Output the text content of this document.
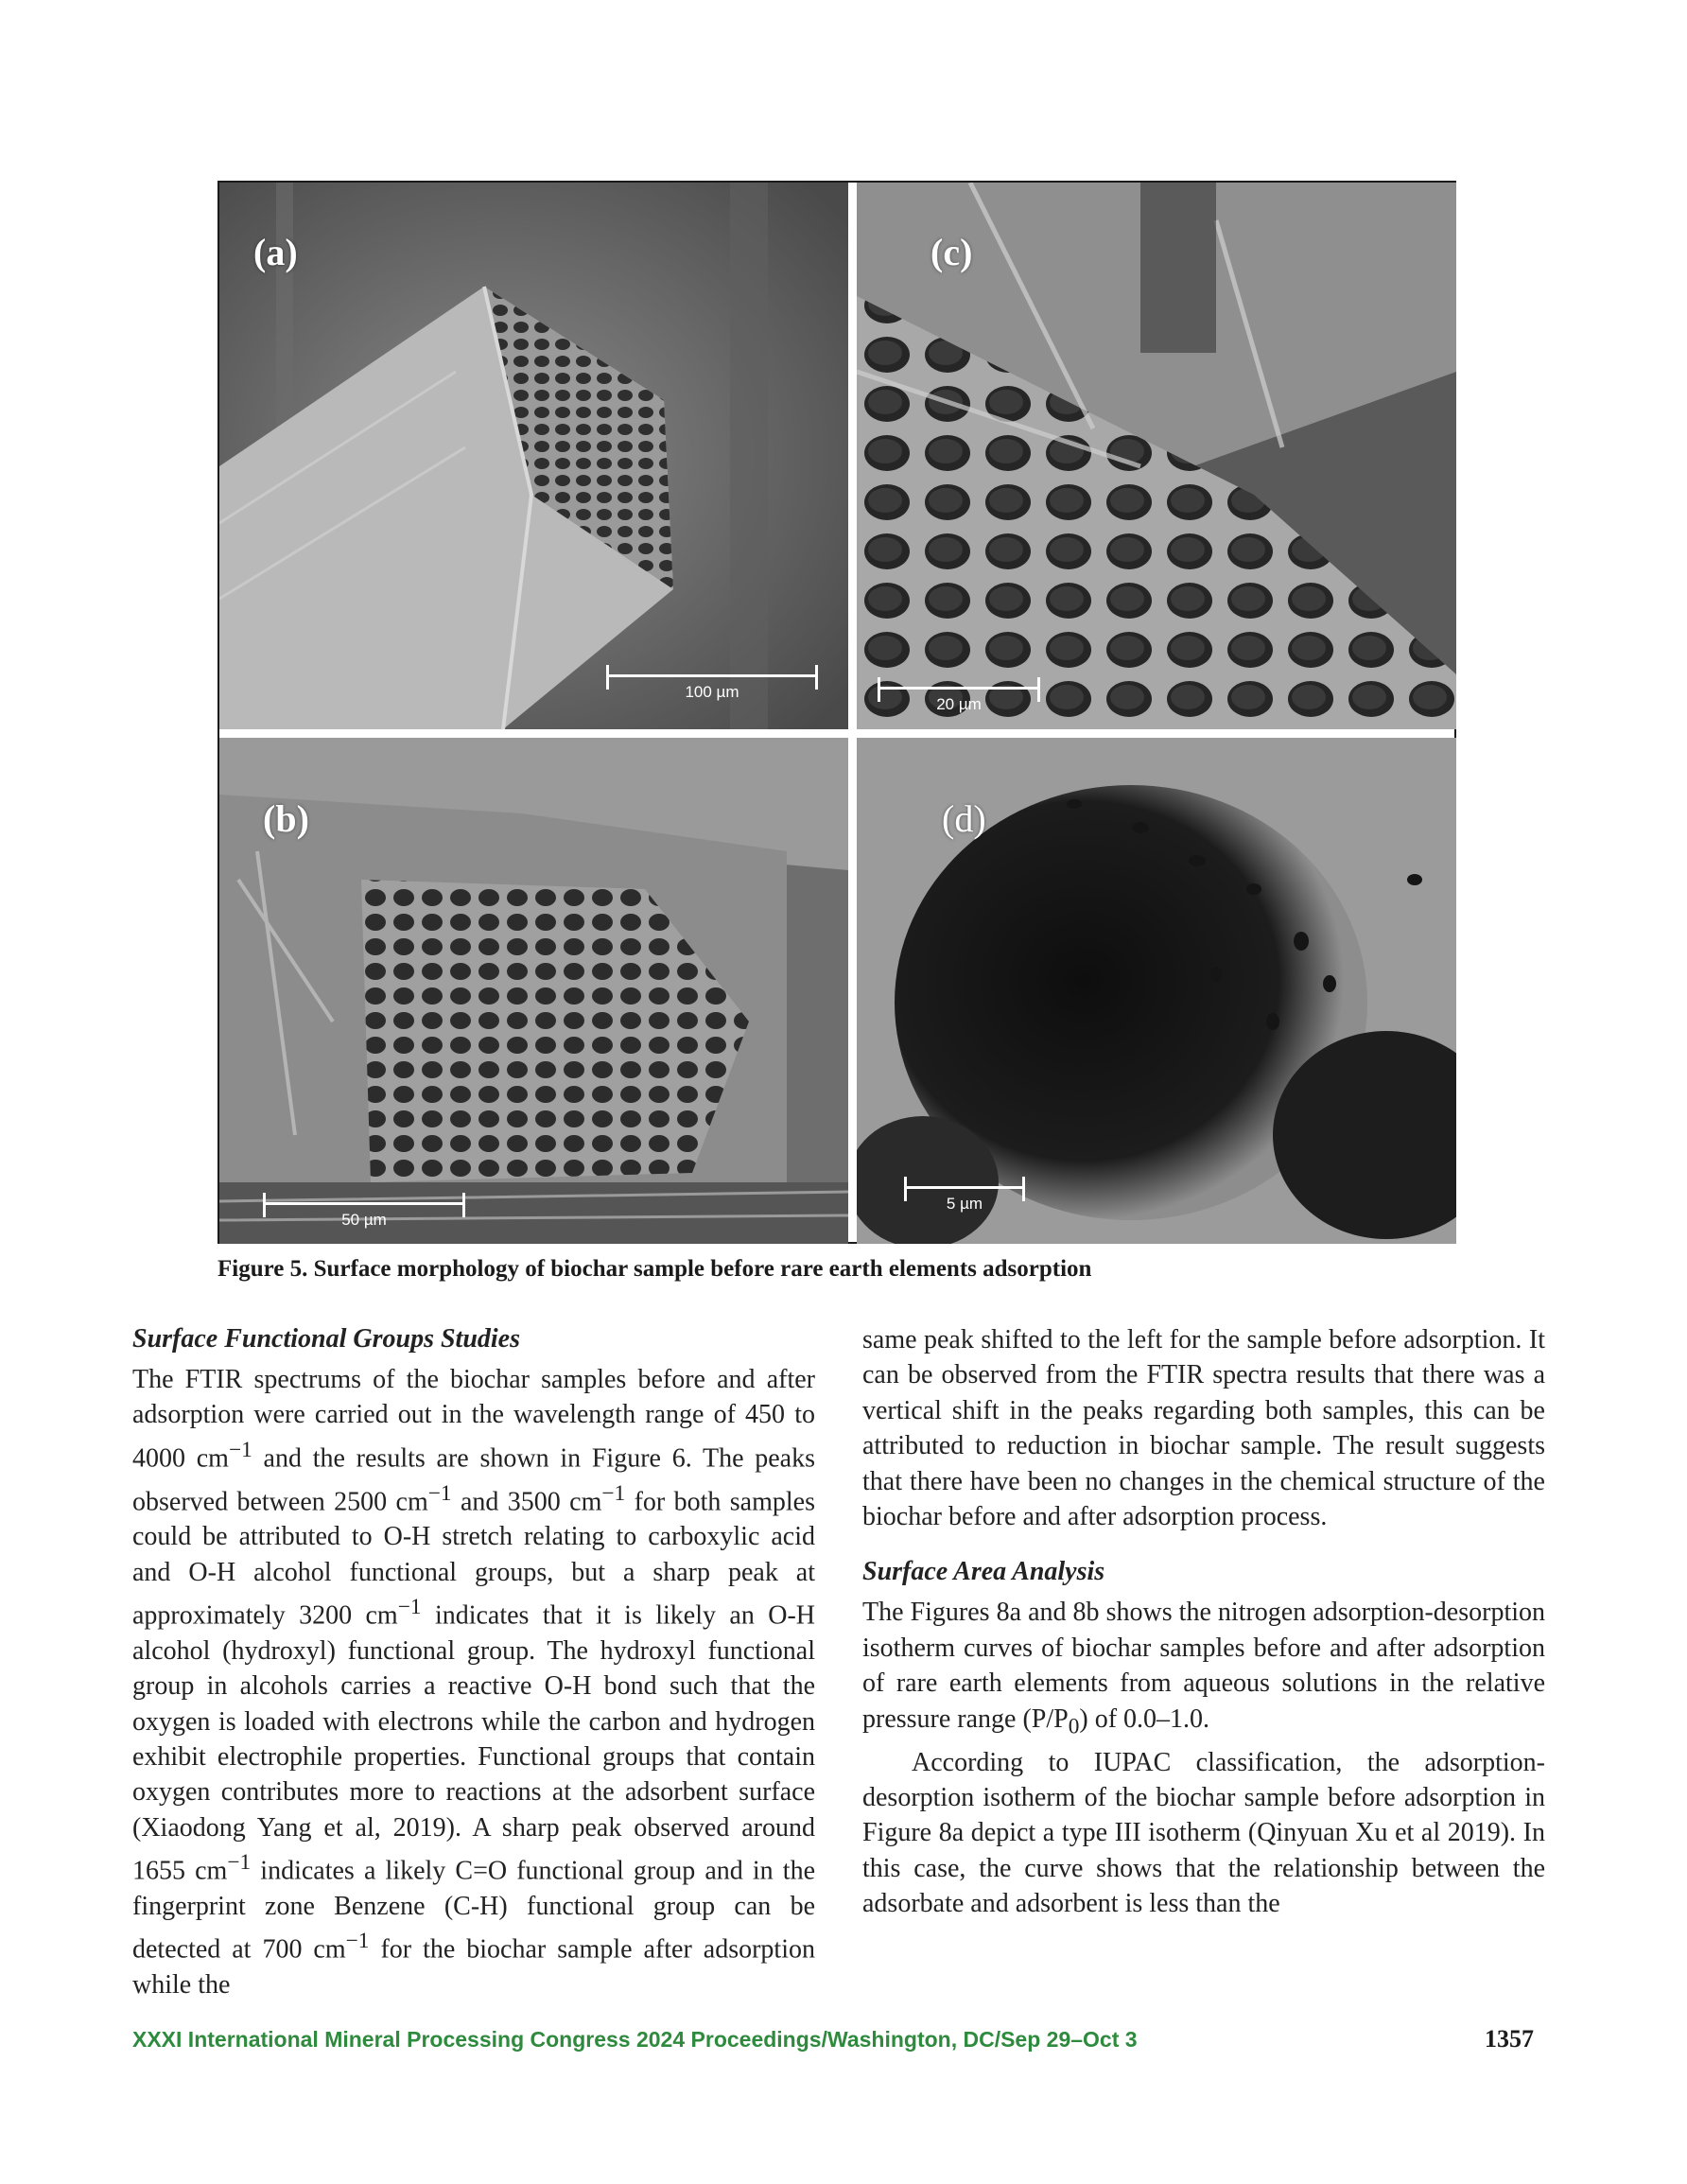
(a)
100 µm
(c)
20 µm
(b)
50 µm
(d)
5 µm
Figure 5. Surface morphology of biochar sample before rare earth elements adsorption
Surface Functional Groups Studies

The FTIR spectrums of the biochar samples before and after adsorption were carried out in the wavelength range of 450 to 4000 $cm^{-1}$ and the results are shown in Figure 6. The peaks observed between 2500 $cm^{-1}$ and 3500 $cm^{-1}$ for both samples could be attributed to O-H stretch relating to carboxylic acid and O-H alcohol functional groups, but a sharp peak at approximately 3200 $cm^{-1}$ indicates that it is likely an O-H alcohol (hydroxyl) functional group. The hydroxyl functional group in alcohols carries a reactive O-H bond such that the oxygen is loaded with electrons while the carbon and hydrogen exhibit electrophile properties. Functional groups that contain oxygen contributes more to reactions at the adsorbent surface (Xiaodong Yang et al, 2019). A sharp peak observed around 1655 $cm^{-1}$ indicates a likely C=O functional group and in the fingerprint zone Benzene (C-H) functional group can be detected at 700 $cm^{-1}$ for the biochar sample after adsorption while the

same peak shifted to the left for the sample before adsorption. It can be observed from the FTIR spectra results that there was a vertical shift in the peaks regarding both samples, this can be attributed to reduction in biochar sample. The result suggests that there have been no changes in the chemical structure of the biochar before and after adsorption process.

Surface Area Analysis

The Figures 8a and 8b shows the nitrogen adsorption-desorption isotherm curves of biochar samples before and after adsorption of rare earth elements from aqueous solutions in the relative pressure range $(P/P_0)$ of 0.0–1.0.

According to IUPAC classification, the adsorption-desorption isotherm of the biochar sample before adsorption in Figure 8a depict a type III isotherm (Qinyuan Xu et al 2019). In this case, the curve shows that the relationship between the adsorbate and adsorbent is less than the

XXXI International Mineral Processing Congress 2024 Proceedings/Washington, DC/Sep 29–Oct 3	1357
